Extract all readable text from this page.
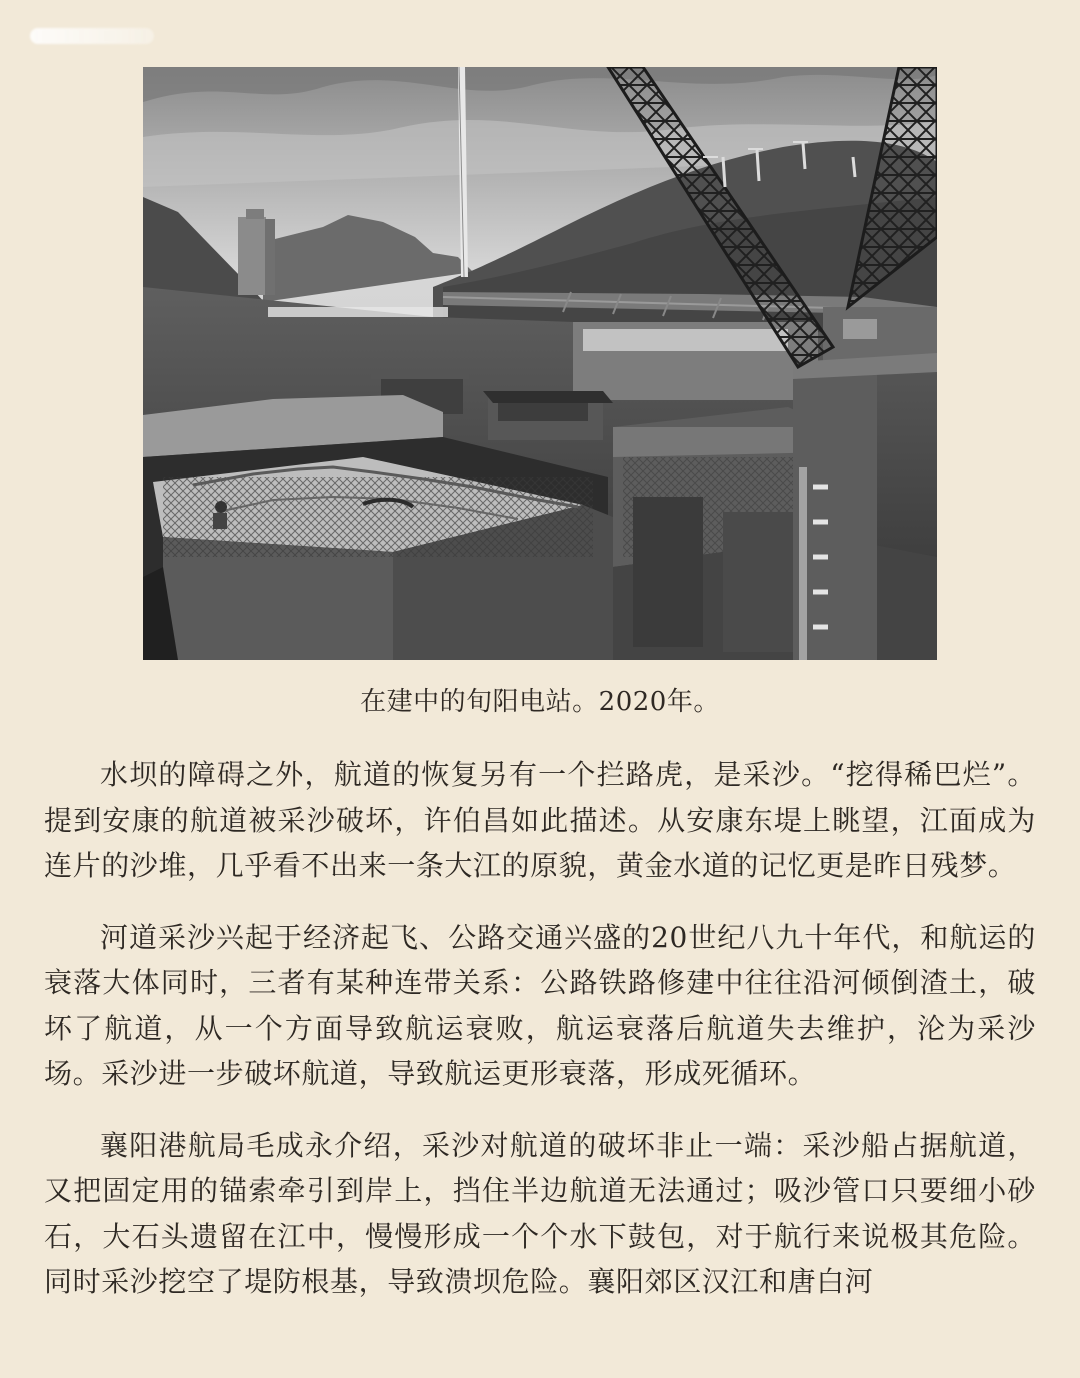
在建中的旬阳电站。2020年。

水坝的障碍之外，航道的恢复另有一个拦路虎，是采沙。“挖得稀巴烂”。提到安康的航道被采沙破坏，许伯昌如此描述。从安康东堤上眺望，江面成为连片的沙堆，几乎看不出来一条大江的原貌，黄金水道的记忆更是昨日残梦。

河道采沙兴起于经济起飞、公路交通兴盛的20世纪八九十年代，和航运的衰落大体同时，三者有某种连带关系：公路铁路修建中往往沿河倾倒渣土，破坏了航道，从一个方面导致航运衰败，航运衰落后航道失去维护，沦为采沙场。采沙进一步破坏航道，导致航运更形衰落，形成死循环。

襄阳港航局毛成永介绍，采沙对航道的破坏非止一端：采沙船占据航道，又把固定用的锚索牵引到岸上，挡住半边航道无法通过；吸沙管口只要细小砂石，大石头遗留在江中，慢慢形成一个个水下鼓包，对于航行来说极其危险。同时采沙挖空了堤防根基，导致溃坝危险。襄阳郊区汉江和唐白河
